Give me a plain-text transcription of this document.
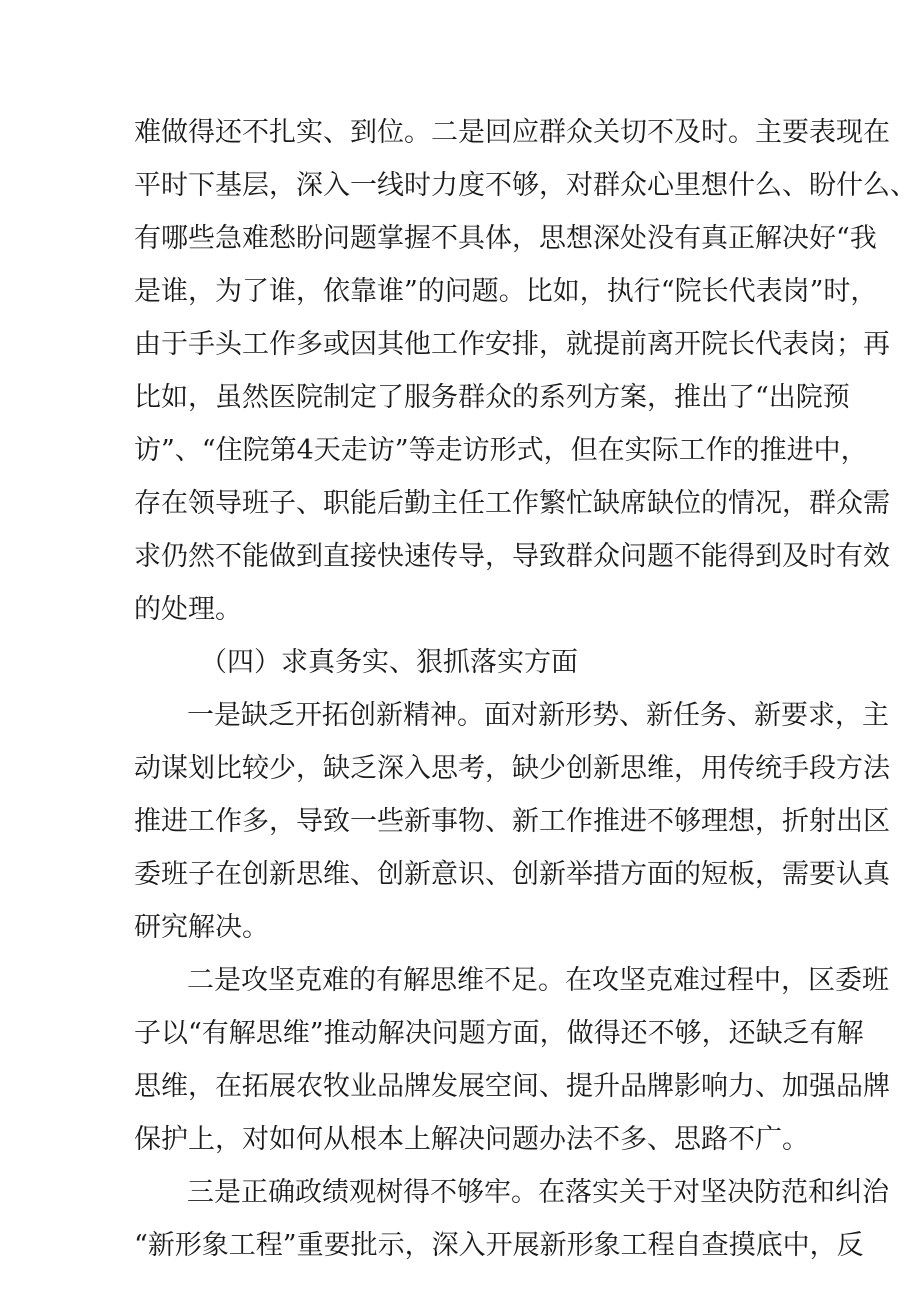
难做得还不扎实、到位。二是回应群众关切不及时。主要表现在
平时下基层，深入一线时力度不够，对群众心里想什么、盼什么、
有哪些急难愁盼问题掌握不具体，思想深处没有真正解决好“我
是谁，为了谁，依靠谁”的问题。比如，执行“院长代表岗”时，
由于手头工作多或因其他工作安排，就提前离开院长代表岗；再
比如，虽然医院制定了服务群众的系列方案，推出了“出院预
访”、“住院第4天走访”等走访形式，但在实际工作的推进中，
存在领导班子、职能后勤主任工作繁忙缺席缺位的情况，群众需
求仍然不能做到直接快速传导，导致群众问题不能得到及时有效
的处理。
（四）求真务实、狠抓落实方面
一是缺乏开拓创新精神。面对新形势、新任务、新要求，主
动谋划比较少，缺乏深入思考，缺少创新思维，用传统手段方法
推进工作多，导致一些新事物、新工作推进不够理想，折射出区
委班子在创新思维、创新意识、创新举措方面的短板，需要认真
研究解决。
二是攻坚克难的有解思维不足。在攻坚克难过程中，区委班
子以“有解思维”推动解决问题方面，做得还不够，还缺乏有解
思维，在拓展农牧业品牌发展空间、提升品牌影响力、加强品牌
保护上，对如何从根本上解决问题办法不多、思路不广。
三是正确政绩观树得不够牢。在落实关于对坚决防范和纠治
“新形象工程”重要批示，深入开展新形象工程自查摸底中，反
